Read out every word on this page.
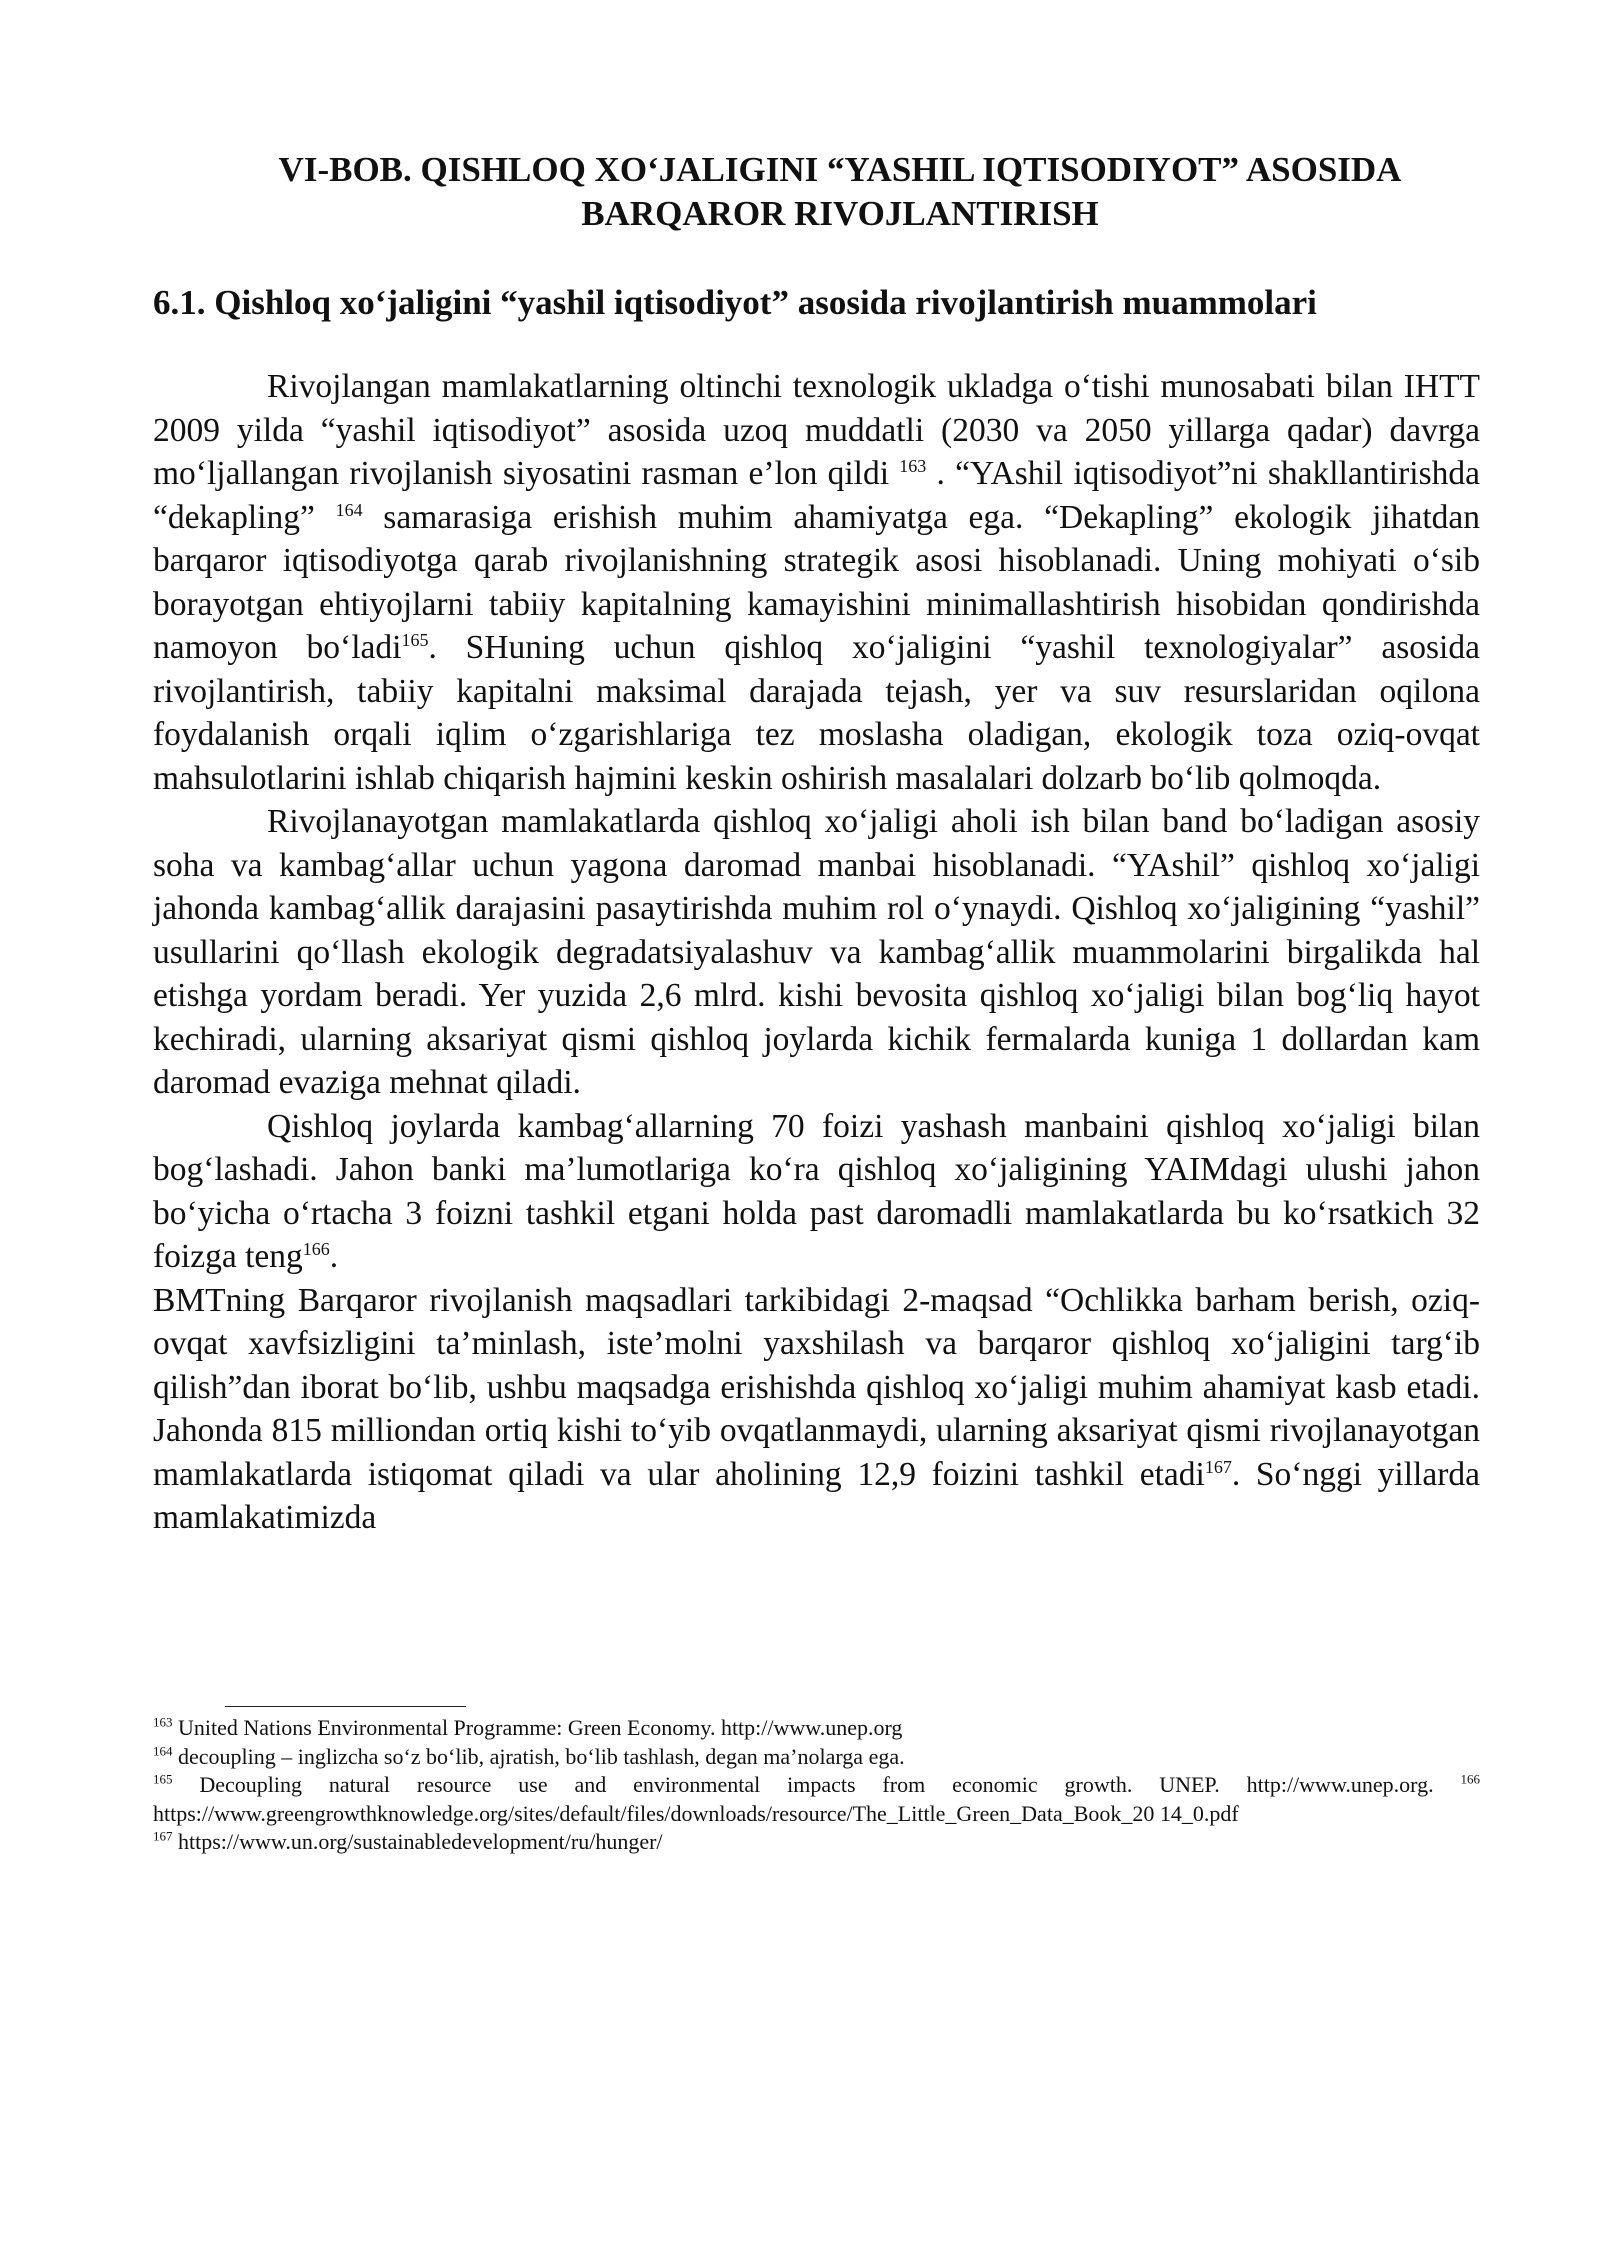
VI-BOB. QISHLOQ XO‘JALIGINI “YASHIL IQTISODIYOT” ASOSIDA
BARQAROR RIVOJLANTIRISH
6.1. Qishloq xo‘jaligini “yashil iqtisodiyot” asosida rivojlantirish muammolari

Rivojlangan mamlakatlarning oltinchi texnologik ukladga o‘tishi munosabati bilan IHTT 2009 yilda “yashil iqtisodiyot” asosida uzoq muddatli (2030 va 2050 yillarga qadar) davrga mo‘ljallangan rivojlanish siyosatini rasman e’lon qildi $^{163}$ . “YAshil iqtisodiyot”ni shakllantirishda “dekapling” $^{164}$ samarasiga erishish muhim ahamiyatga ega. “Dekapling” ekologik jihatdan barqaror iqtisodiyotga qarab rivojlanishning strategik asosi hisoblanadi. Uning mohiyati o‘sib borayotgan ehtiyojlarni tabiiy kapitalning kamayishini minimallashtirish hisobidan qondirishda namoyon bo‘ladi$^{165}$. SHuning uchun qishloq xo‘jaligini “yashil texnologiyalar” asosida rivojlantirish, tabiiy kapitalni maksimal darajada tejash, yer va suv resurslaridan oqilona foydalanish orqali iqlim o‘zgarishlariga tez moslasha oladigan, ekologik toza oziq-ovqat mahsulotlarini ishlab chiqarish hajmini keskin oshirish masalalari dolzarb bo‘lib qolmoqda.

Rivojlanayotgan mamlakatlarda qishloq xo‘jaligi aholi ish bilan band bo‘ladigan asosiy soha va kambag‘allar uchun yagona daromad manbai hisoblanadi. “YAshil” qishloq xo‘jaligi jahonda kambag‘allik darajasini pasaytirishda muhim rol o‘ynaydi. Qishloq xo‘jaligining “yashil” usullarini qo‘llash ekologik degradatsiyalashuv va kambag‘allik muammolarini birgalikda hal etishga yordam beradi. Yer yuzida 2,6 mlrd. kishi bevosita qishloq xo‘jaligi bilan bog‘liq hayot kechiradi, ularning aksariyat qismi qishloq joylarda kichik fermalarda kuniga 1 dollardan kam daromad evaziga mehnat qiladi.

Qishloq joylarda kambag‘allarning 70 foizi yashash manbaini qishloq xo‘jaligi bilan bog‘lashadi. Jahon banki ma’lumotlariga ko‘ra qishloq xo‘jaligining YAIMdagi ulushi jahon bo‘yicha o‘rtacha 3 foizni tashkil etgani holda past daromadli mamlakatlarda bu ko‘rsatkich 32 foizga teng$^{166}$.

BMTning Barqaror rivojlanish maqsadlari tarkibidagi 2-maqsad “Ochlikka barham berish, oziq-ovqat xavfsizligini ta’minlash, iste’molni yaxshilash va barqaror qishloq xo‘jaligini targ‘ib qilish”dan iborat bo‘lib, ushbu maqsadga erishishda qishloq xo‘jaligi muhim ahamiyat kasb etadi. Jahonda 815 milliondan ortiq kishi to‘yib ovqatlanmaydi, ularning aksariyat qismi rivojlanayotgan mamlakatlarda istiqomat qiladi va ular aholining 12,9 foizini tashkil etadi$^{167}$. So‘nggi yillarda mamlakatimizda

$^{163}$ United Nations Environmental Programme: Green Economy. http://www.unep.org

$^{164}$ decoupling – inglizcha so‘z bo‘lib, ajratish, bo‘lib tashlash, degan ma’nolarga ega.

$^{165}$ Decoupling natural resource use and environmental impacts from economic growth. UNEP. http://www.unep.org. $^{166}$

https://www.greengrowthknowledge.org/sites/default/files/downloads/resource/The_Little_Green_Data_Book_20 14_0.pdf

$^{167}$ https://www.un.org/sustainabledevelopment/ru/hunger/
